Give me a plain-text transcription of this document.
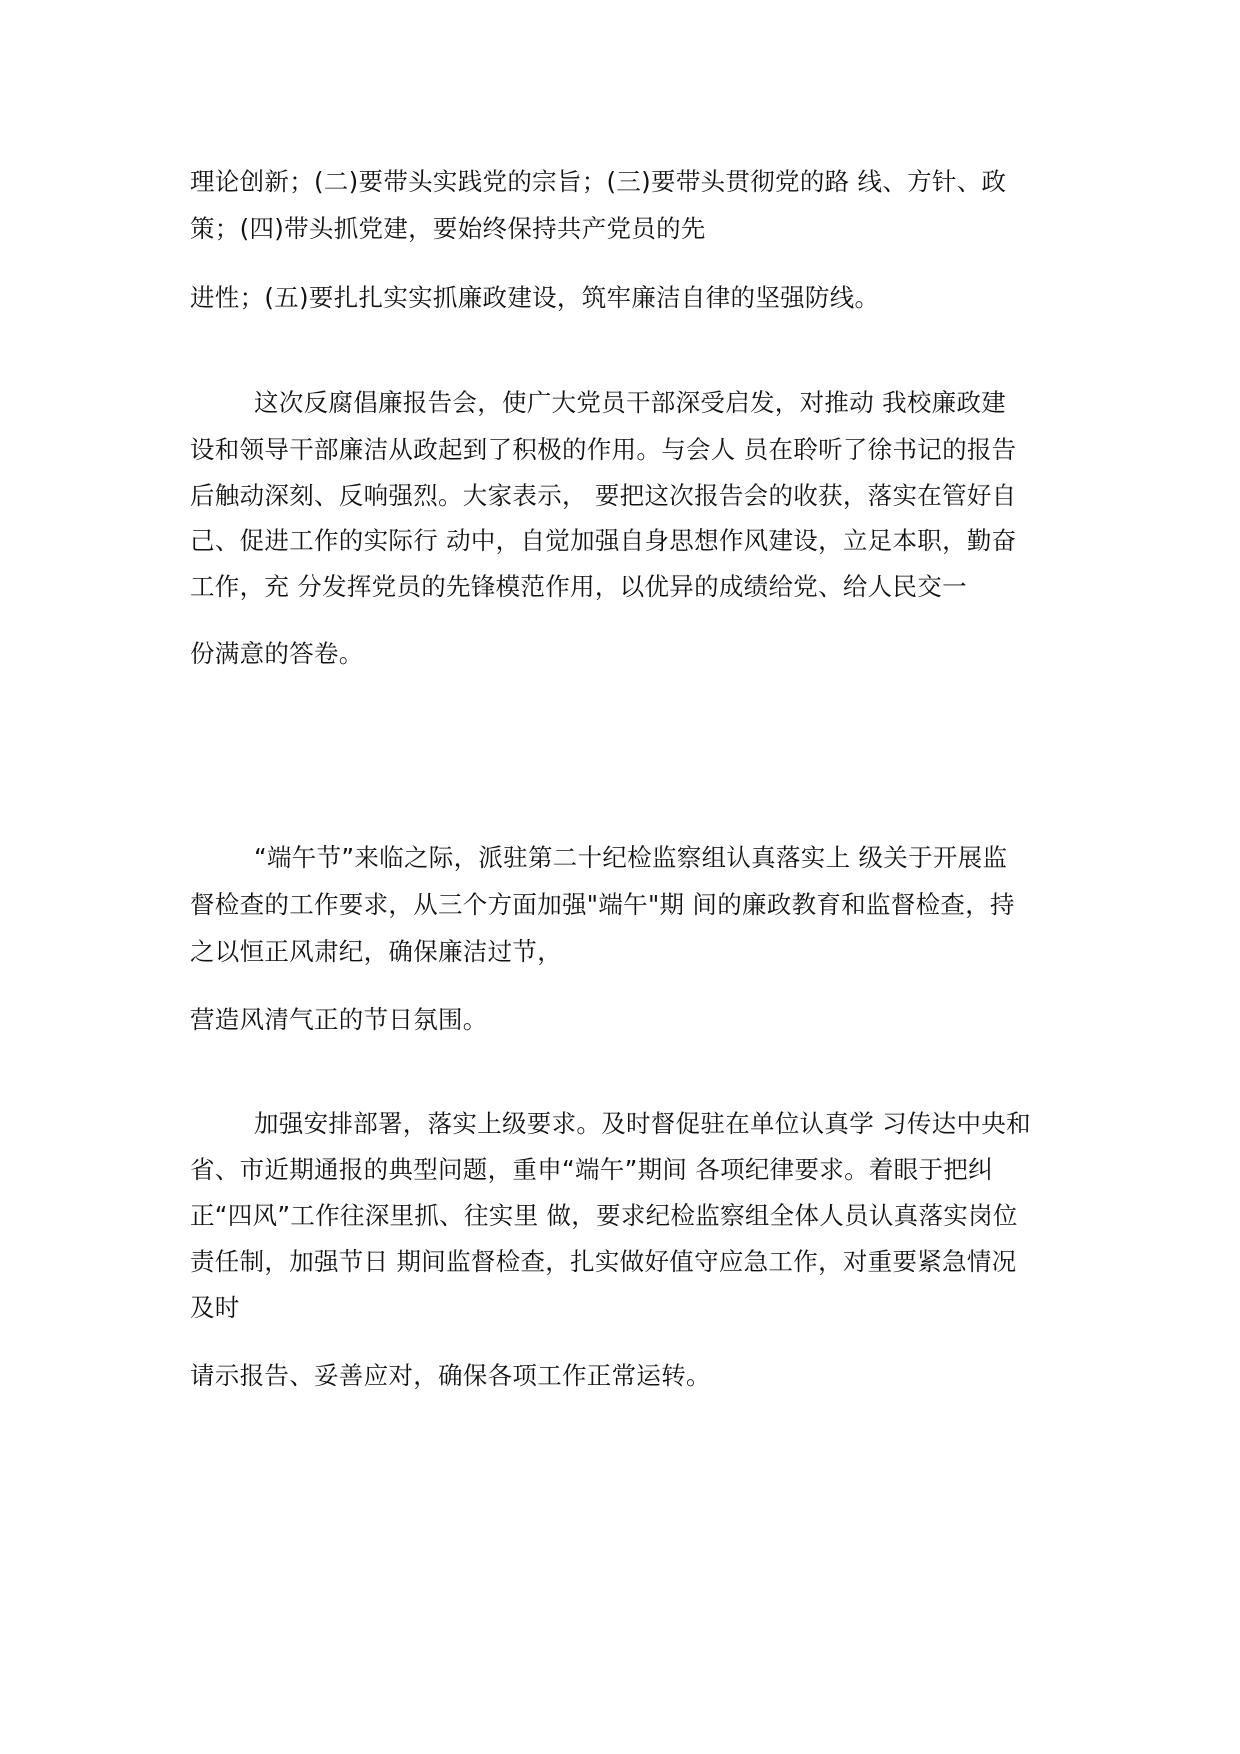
理论创新；(二)要带头实践党的宗旨；(三)要带头贯彻党的路 线、方针、政

策；(四)带头抓党建，要始终保持共产党员的先

进性；(五)要扎扎实实抓廉政建设，筑牢廉洁自律的坚强防线。

这次反腐倡廉报告会，使广大党员干部深受启发，对推动 我校廉政建

设和领导干部廉洁从政起到了积极的作用。与会人 员在聆听了徐书记的报告

后触动深刻、反响强烈。大家表示， 要把这次报告会的收获，落实在管好自

己、促进工作的实际行 动中，自觉加强自身思想作风建设，立足本职，勤奋

工作，充 分发挥党员的先锋模范作用，以优异的成绩给党、给人民交一

份满意的答卷。

“端午节”来临之际，派驻第二十纪检监察组认真落实上 级关于开展监

督检查的工作要求，从三个方面加强"端午"期 间的廉政教育和监督检查，持

之以恒正风肃纪，确保廉洁过节，

营造风清气正的节日氛围。

加强安排部署，落实上级要求。及时督促驻在单位认真学 习传达中央和

省、市近期通报的典型问题，重申“端午”期间 各项纪律要求。着眼于把纠

正“四风”工作往深里抓、往实里 做，要求纪检监察组全体人员认真落实岗位

责任制，加强节日 期间监督检查，扎实做好值守应急工作，对重要紧急情况

及时

请示报告、妥善应对，确保各项工作正常运转。
